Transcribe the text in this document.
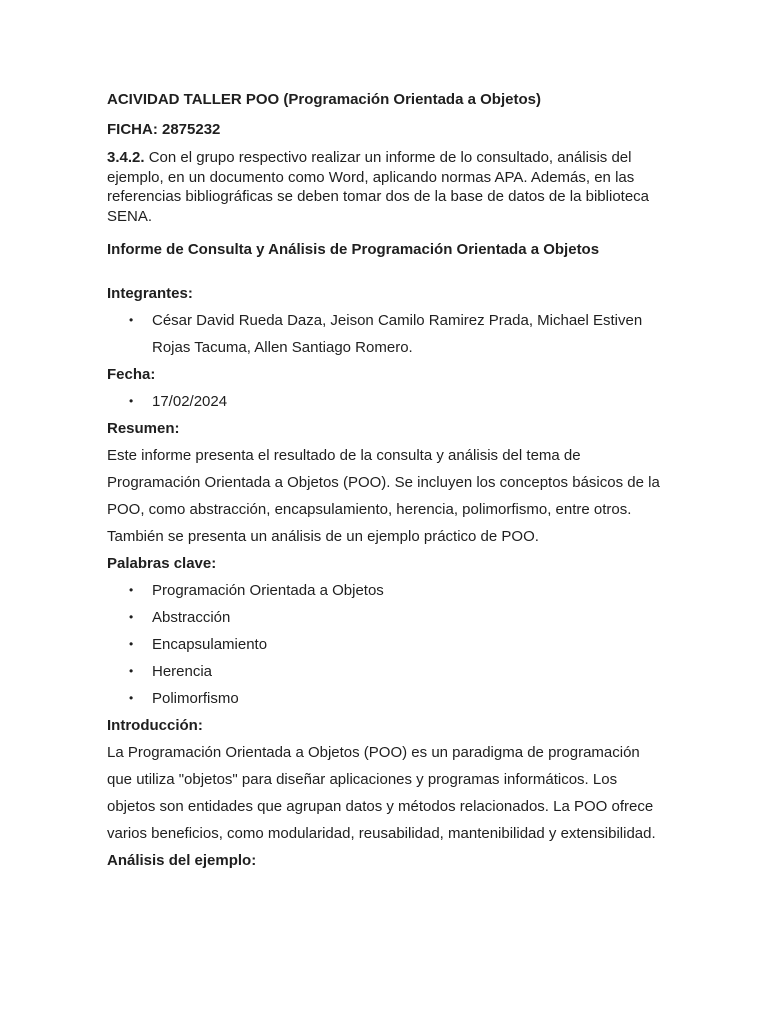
ACIVIDAD TALLER POO (Programación Orientada a Objetos)

FICHA: 2875232

3.4.2. Con el grupo respectivo realizar un informe de lo consultado, análisis del ejemplo, en un documento como Word, aplicando normas APA. Además, en las referencias bibliográficas se deben tomar dos de la base de datos de la biblioteca SENA.

Informe de Consulta y Análisis de Programación Orientada a Objetos

Integrantes:

• César David Rueda Daza, Jeison Camilo Ramirez Prada, Michael Estiven Rojas Tacuma, Allen Santiago Romero.

Fecha:

• 17/02/2024

Resumen:

Este informe presenta el resultado de la consulta y análisis del tema de Programación Orientada a Objetos (POO). Se incluyen los conceptos básicos de la POO, como abstracción, encapsulamiento, herencia, polimorfismo, entre otros. También se presenta un análisis de un ejemplo práctico de POO.

Palabras clave:

• Programación Orientada a Objetos
• Abstracción
• Encapsulamiento
• Herencia
• Polimorfismo

Introducción:

La Programación Orientada a Objetos (POO) es un paradigma de programación que utiliza "objetos" para diseñar aplicaciones y programas informáticos. Los objetos son entidades que agrupan datos y métodos relacionados. La POO ofrece varios beneficios, como modularidad, reusabilidad, mantenibilidad y extensibilidad.

Análisis del ejemplo:
